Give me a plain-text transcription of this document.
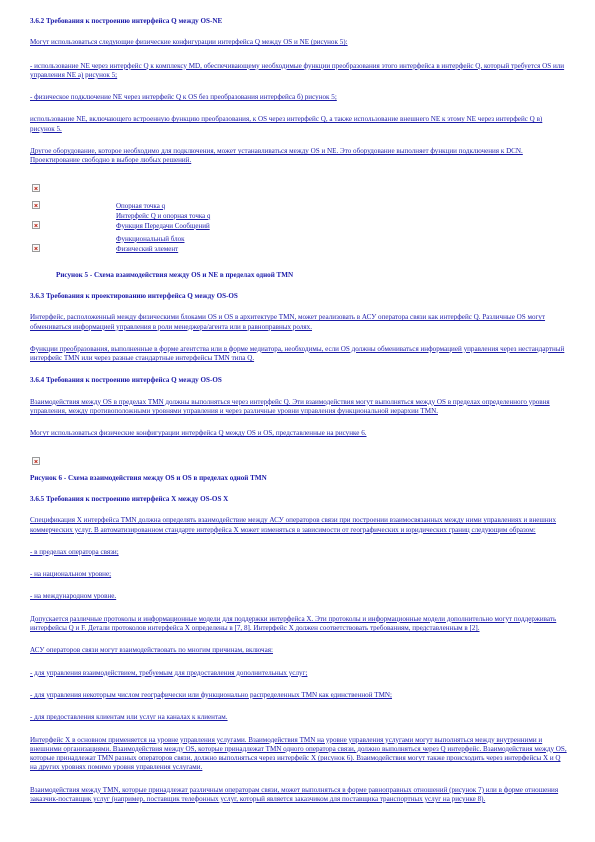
3.6.2 Требования к построению интерфейса Q между OS-NE

Могут использоваться следующие физические конфигурации интерфейса Q между OS и NE (рисунок 5):

- использование NE через интерфейс Q к комплексу MD, обеспечивающему необходимые функции преобразования этого интерфейса в интерфейс Q, который требуется OS или управления NE а) рисунок 5;

- физическое подключение NE через интерфейс Q к OS без преобразования интерфейса б) рисунок 5;

использование NE, включающего встроенную функцию преобразования, к OS через интерфейс Q, а также использование внешнего NE к этому NE через интерфейс Q в) рисунок 5.

Другое оборудование, которое необходимо для подключения, может устанавливаться между OS и NE. Это оборудование выполняет функции подключения к DCN. Проектирование свободно в выборе любых решений.

Опорная точка q
Интерфейс Q и опорная точка q
Функция Передачи Сообщений
Функциональный блок
Физический элемент
Рисунок 5 - Схема взаимодействия между OS и NE в пределах одной TMN
3.6.3 Требования к проектированию интерфейса Q между OS-OS

Интерфейс, расположенный между физическими блоками OS и OS в архитектуре TMN, может реализовать в АСУ оператора связи как интерфейс Q. Различные OS могут обмениваться информацией управления в роли менеджера/агента или в равноправных ролях.

Функции преобразования, выполненные в форме агентства или в форме медиатора, необходимы, если OS должны обмениваться информацией управления через нестандартный интерфейс TMN или через разные стандартные интерфейсы TMN типа Q.

3.6.4 Требования к построению интерфейса Q между OS-OS

Взаимодействия между OS в пределах TMN должны выполняться через интерфейс Q. Эти взаимодействия могут выполняться между OS в пределах определенного уровня управления, между противоположными уровнями управления и через различные уровни управления функциональной иерархии TMN.

Могут использоваться физические конфигурации интерфейса Q между OS и OS, представленные на рисунке 6.

Рисунок 6 - Схема взаимодействия между OS и OS в пределах одной TMN
3.6.5 Требования к построению интерфейса X между OS-OS X

Спецификация X интерфейса TMN должна определять взаимодействие между АСУ операторов связи при построении взаимосвязанных между ними управлениях и внешних коммерческих услуг. В автоматизированном стандарте интерфейса X может изменяться в зависимости от географических и юридических границ следующим образом:

- в пределах оператора связи;

- на национальном уровне;

- на международном уровне.

Допускается различные протоколы и информационные модели для поддержки интерфейса X. Эти протоколы и информационные модели дополнительно могут поддерживать интерфейсы Q и F. Детали протоколов интерфейса X определены в [7, 8]. Интерфейс X должен соответствовать требованиям, представленным в [2].

АСУ операторов связи могут взаимодействовать по многим причинам, включая:

- для управления взаимодействием, требуемым для предоставления дополнительных услуг;

- для управления некоторым числом географически или функционально распределенных TMN как единственной TMN;

- для предоставления клиентам или услуг на каналах к клиентам.

Интерфейс X в основном применяется на уровне управления услугами. Взаимодействия TMN на уровне управления услугами могут выполняться между внутренними и внешними организациями. Взаимодействия между OS, которые принадлежат TMN одного оператора связи, должно выполняться через Q интерфейс. Взаимодействия между OS, которые принадлежат TMN разных операторов связи, должно выполняться через интерфейс X (рисунок 6). Взаимодействия могут также происходить через интерфейсы X и Q на других уровнях помимо уровня управления услугами.

Взаимодействия между TMN, которые принадлежат различным операторам связи, может выполняться в форме равноправных отношений (рисунок 7) или в форме отношения заказчик-поставщик услуг (например, поставщик телефонных услуг, который является заказчиком для поставщика транспортных услуг на рисунке 8).
